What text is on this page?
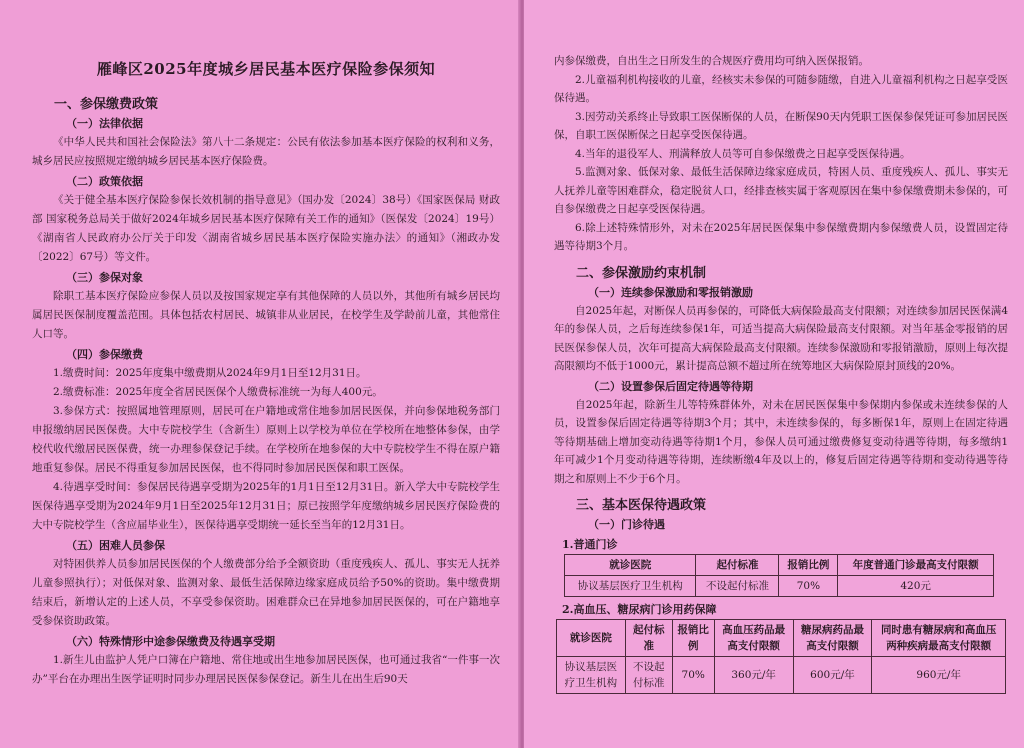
雁峰区2025年度城乡居民基本医疗保险参保须知
一、参保缴费政策
（一）法律依据

《中华人民共和国社会保险法》第八十二条规定：公民有依法参加基本医疗保险的权利和义务，城乡居民应按照规定缴纳城乡居民基本医疗保险费。

（二）政策依据

《关于健全基本医疗保险参保长效机制的指导意见》（国办发〔2024〕38号）《国家医保局 财政部 国家税务总局关于做好2024年城乡居民基本医疗保障有关工作的通知》（医保发〔2024〕19号）《湖南省人民政府办公厅关于印发〈湖南省城乡居民基本医疗保险实施办法〉的通知》（湘政办发〔2022〕67号）等文件。

（三）参保对象

除职工基本医疗保险应参保人员以及按国家规定享有其他保障的人员以外，其他所有城乡居民均属居民医保制度覆盖范围。具体包括农村居民、城镇非从业居民，在校学生及学龄前儿童，其他常住人口等。

（四）参保缴费

1.缴费时间：2025年度集中缴费期从2024年9月1日至12月31日。

2.缴费标准：2025年度全省居民医保个人缴费标准统一为每人400元。

3.参保方式：按照属地管理原则，居民可在户籍地或常住地参加居民医保，并向参保地税务部门申报缴纳居民医保费。大中专院校学生（含新生）原则上以学校为单位在学校所在地整体参保，由学校代收代缴居民医保费，统一办理参保登记手续。在学校所在地参保的大中专院校学生不得在原户籍地重复参保。居民不得重复参加居民医保，也不得同时参加居民医保和职工医保。

4.待遇享受时间：参保居民待遇享受期为2025年的1月1日至12月31日。新入学大中专院校学生医保待遇享受期为2024年9月1日至2025年12月31日；原已按照学年度缴纳城乡居民医疗保险费的大中专院校学生（含应届毕业生），医保待遇享受期统一延长至当年的12月31日。

（五）困难人员参保

对特困供养人员参加居民医保的个人缴费部分给予全额资助（重度残疾人、孤儿、事实无人抚养儿童参照执行）；对低保对象、监测对象、最低生活保障边缘家庭成员给予50%的资助。集中缴费期结束后，新增认定的上述人员，不享受参保资助。困难群众已在异地参加居民医保的，可在户籍地享受参保资助政策。

（六）特殊情形中途参保缴费及待遇享受期

1.新生儿由监护人凭户口簿在户籍地、常住地或出生地参加居民医保，也可通过我省“一件事一次办”平台在办理出生医学证明时同步办理居民医保参保登记。新生儿在出生后90天

内参保缴费，自出生之日所发生的合规医疗费用均可纳入医保报销。

2.儿童福利机构接收的儿童，经核实未参保的可随参随缴，自进入儿童福利机构之日起享受医保待遇。

3.因劳动关系终止导致职工医保断保的人员，在断保90天内凭职工医保参保凭证可参加居民医保，自职工医保断保之日起享受医保待遇。

4.当年的退役军人、刑满释放人员等可自参保缴费之日起享受医保待遇。

5.监测对象、低保对象、最低生活保障边缘家庭成员，特困人员、重度残疾人、孤儿、事实无人抚养儿童等困难群众，稳定脱贫人口，经排查核实属于客观原因在集中参保缴费期未参保的，可自参保缴费之日起享受医保待遇。

6.除上述特殊情形外，对未在2025年居民医保集中参保缴费期内参保缴费人员，设置固定待遇等待期3个月。

二、参保激励约束机制
（一）连续参保激励和零报销激励

自2025年起，对断保人员再参保的，可降低大病保险最高支付限额；对连续参加居民医保满4年的参保人员，之后每连续参保1年，可适当提高大病保险最高支付限额。对当年基金零报销的居民医保参保人员，次年可提高大病保险最高支付限额。连续参保激励和零报销激励，原则上每次提高限额均不低于1000元，累计提高总额不超过所在统筹地区大病保险原封顶线的20%。

（二）设置参保后固定待遇等待期

自2025年起，除新生儿等特殊群体外，对未在居民医保集中参保期内参保或未连续参保的人员，设置参保后固定待遇等待期3个月；其中，未连续参保的，每多断保1年，原则上在固定待遇等待期基础上增加变动待遇等待期1个月，参保人员可通过缴费修复变动待遇等待期，每多缴纳1年可减少1个月变动待遇等待期，连续断缴4年及以上的，修复后固定待遇等待期和变动待遇等待期之和原则上不少于6个月。

三、基本医保待遇政策
（一）门诊待遇
1.普通门诊
就诊医院	起付标准	报销比例	年度普通门诊最高支付限额
协议基层医疗卫生机构	不设起付标准	70%	420元
2.高血压、糖尿病门诊用药保障
就诊医院	起付标准	报销比例	高血压药品最高支付限额	糖尿病药品最高支付限额	同时患有糖尿病和高血压两种疾病最高支付限额
协议基层医疗卫生机构	不设起付标准	70%	360元/年	600元/年	960元/年
